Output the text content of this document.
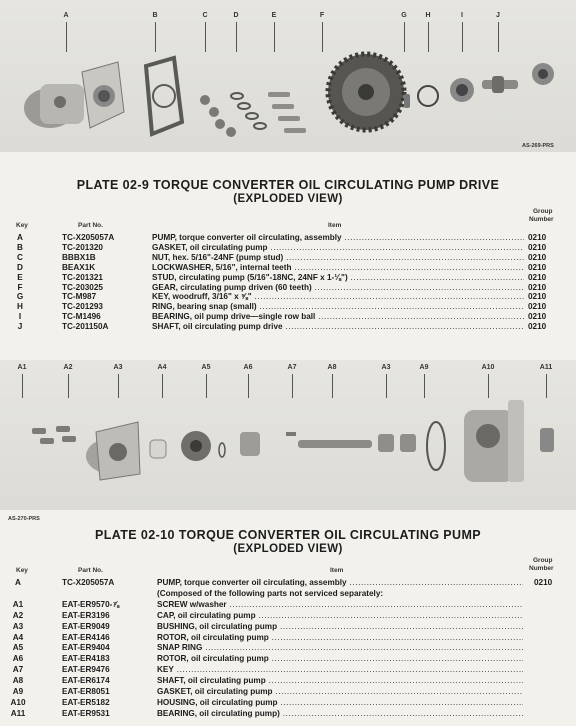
A	B	C	D	E	F	G	H	I	J
AS-269-PRS
PLATE 02-9 TORQUE CONVERTER OIL CIRCULATING PUMP DRIVE
(EXPLODED VIEW)
Key	Part No.	Item
Group
Number
A	TC-X205057A	PUMP, torque converter oil circulating, assembly .....	0210
B	TC-201320	GASKET, oil circulating pump .....	0210
C	BBBX1B	NUT, hex. 5/16"-24NF (pump stud) .....	0210
D	BEAX1K	LOCKWASHER, 5/16", internal teeth .....	0210
E	TC-201321	STUD, circulating pump (5/16"-18NC, 24NF x 1-⅛") .....	0210
F	TC-203025	GEAR, circulating pump driven (60 teeth) .....	0210
G	TC-M987	KEY, woodruff, 3/16" x ⅝" .....	0210
H	TC-201293	RING, bearing snap (small) .....	0210
I	TC-M1496	BEARING, oil pump drive—single row ball .....	0210
J	TC-201150A	SHAFT, oil circulating pump drive .....	0210
A1	A2	A3	A4	A5	A6	A7	A8	A3	A9	A10	A11
AS-270-PRS
PLATE 02-10 TORQUE CONVERTER OIL CIRCULATING PUMP
(EXPLODED VIEW)
Key	Part No.	Item
Group
Number
A	TC-X205057A	PUMP, torque converter oil circulating, assembly .....	0210
(Composed of the following parts not serviced separately:
A1	EAT-ER9570-⅞	SCREW w/washer .....
A2	EAT-ER3196	CAP, oil circulating pump .....
A3	EAT-ER9049	BUSHING, oil circulating pump .....
A4	EAT-ER4146	ROTOR, oil circulating pump .....
A5	EAT-ER9404	SNAP RING .....
A6	EAT-ER4183	ROTOR, oil circulating pump .....
A7	EAT-ER9476	KEY .....
A8	EAT-ER6174	SHAFT, oil circulating pump .....
A9	EAT-ER8051	GASKET, oil circulating pump .....
A10	EAT-ER5182	HOUSING, oil circulating pump .....
A11	EAT-ER9531	BEARING, oil circulating pump) .....
